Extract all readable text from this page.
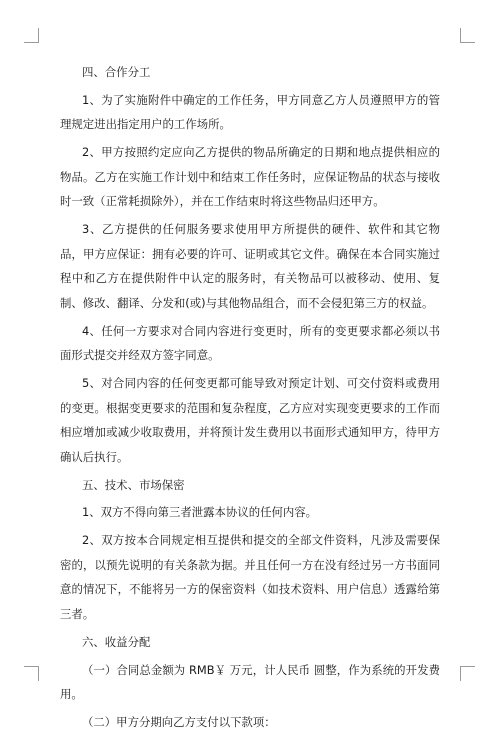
四、合作分工

1、为了实施附件中确定的工作任务，甲方同意乙方人员遵照甲方的管理规定进出指定用户的工作场所。

2、甲方按照约定应向乙方提供的物品所确定的日期和地点提供相应的物品。乙方在实施工作计划中和结束工作任务时，应保证物品的状态与接收时一致（正常耗损除外），并在工作结束时将这些物品归还甲方。

3、乙方提供的任何服务要求使用甲方所提供的硬件、软件和其它物品，甲方应保证：拥有必要的许可、证明或其它文件。确保在本合同实施过程中和乙方在提供附件中认定的服务时，有关物品可以被移动、使用、复制、修改、翻译、分发和(或)与其他物品组合，而不会侵犯第三方的权益。

4、任何一方要求对合同内容进行变更时，所有的变更要求都必须以书面形式提交并经双方签字同意。

5、对合同内容的任何变更都可能导致对预定计划、可交付资料或费用的变更。根据变更要求的范围和复杂程度，乙方应对实现变更要求的工作而相应增加或减少收取费用，并将预计发生费用以书面形式通知甲方，待甲方确认后执行。

五、技术、市场保密

1、双方不得向第三者泄露本协议的任何内容。

2、双方按本合同规定相互提供和提交的全部文件资料，凡涉及需要保密的，以预先说明的有关条款为据。并且任何一方在没有经过另一方书面同意的情况下，不能将另一方的保密资料（如技术资料、用户信息）透露给第三者。

六、收益分配

（一）合同总金额为 RMB￥ 万元，计人民币 圆整，作为系统的开发费用。

（二）甲方分期向乙方支付以下款项：
